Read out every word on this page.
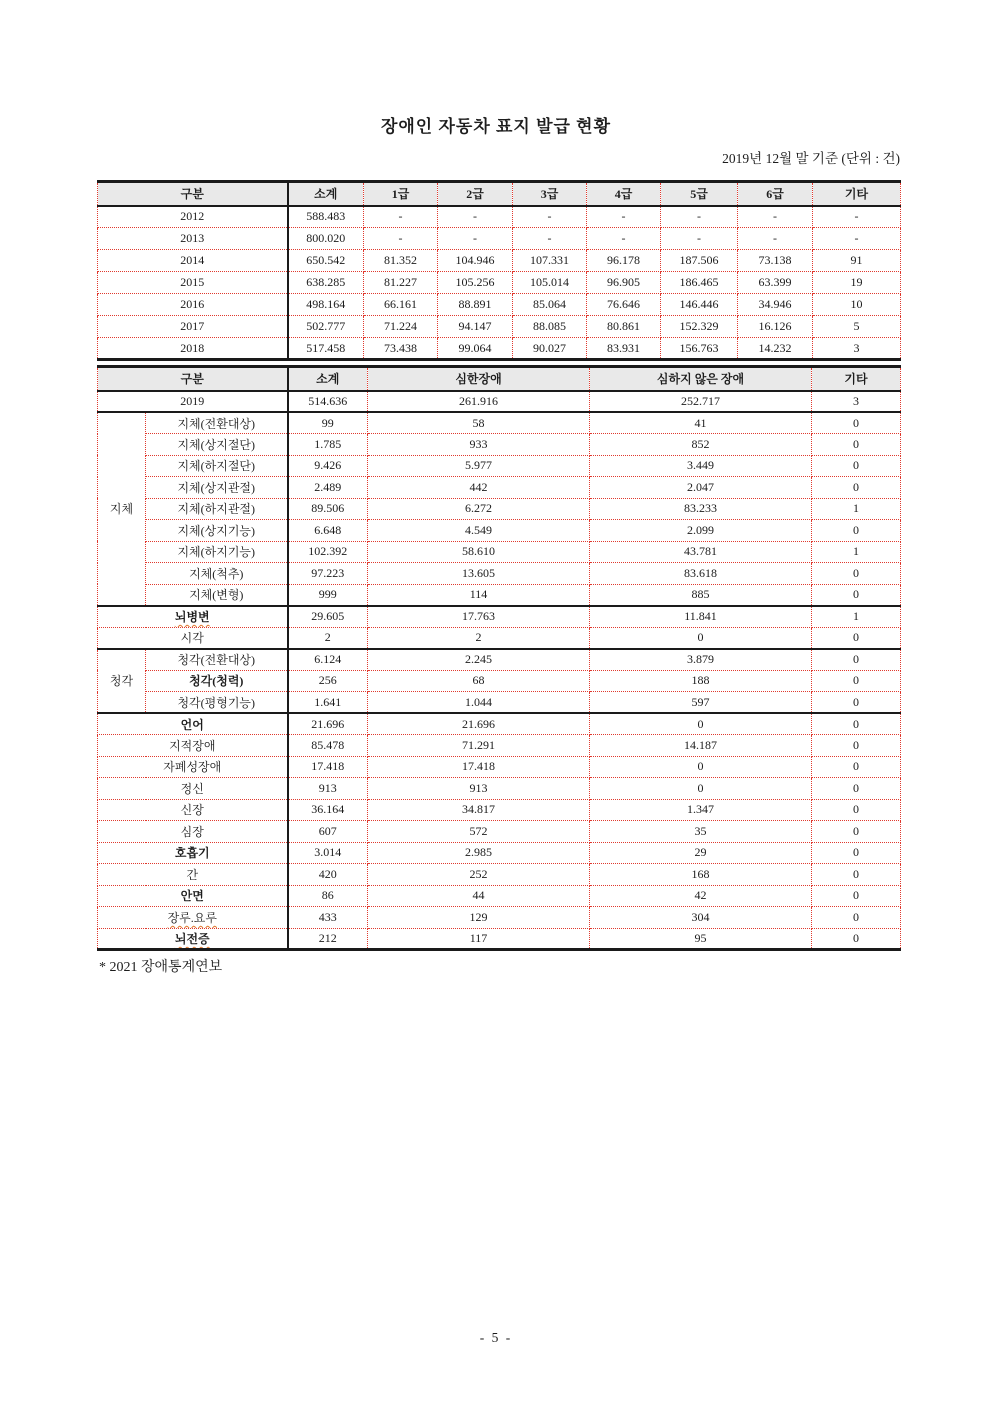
장애인 자동차 표지 발급 현황
2019년 12월 말 기준 (단위 : 건)
구분	소계	1급	2급	3급	4급	5급	6급	기타
2012	588.483	-	-	-	-	-	-	-
2013	800.020	-	-	-	-	-	-	-
2014	650.542	81.352	104.946	107.331	96.178	187.506	73.138	91
2015	638.285	81.227	105.256	105.014	96.905	186.465	63.399	19
2016	498.164	66.161	88.891	85.064	76.646	146.446	34.946	10
2017	502.777	71.224	94.147	88.085	80.861	152.329	16.126	5
2018	517.458	73.438	99.064	90.027	83.931	156.763	14.232	3
구분		소계	심한장애	심하지 않은 장애	기타
2019		514.636	261.916	252.717	3
지체	지체(전환대상)	99	58	41	0
	지체(상지절단)	1.785	933	852	0
	지체(하지절단)	9.426	5.977	3.449	0
	지체(상지관절)	2.489	442	2.047	0
	지체(하지관절)	89.506	6.272	83.233	1
	지체(상지기능)	6.648	4.549	2.099	0
	지체(하지기능)	102.392	58.610	43.781	1
	지체(척추)	97.223	13.605	83.618	0
	지체(변형)	999	114	885	0
뇌병변		29.605	17.763	11.841	1
시각		2	2	0	0
청각	청각(전환대상)	6.124	2.245	3.879	0
	청각(청력)	256	68	188	0
	청각(평형기능)	1.641	1.044	597	0
언어		21.696	21.696	0	0
지적장애		85.478	71.291	14.187	0
자폐성장애		17.418	17.418	0	0
정신		913	913	0	0
신장		36.164	34.817	1.347	0
심장		607	572	35	0
호흡기		3.014	2.985	29	0
간		420	252	168	0
안면		86	44	42	0
장루.요루		433	129	304	0
뇌전증		212	117	95	0
* 2021 장애통계연보
- 5 -
